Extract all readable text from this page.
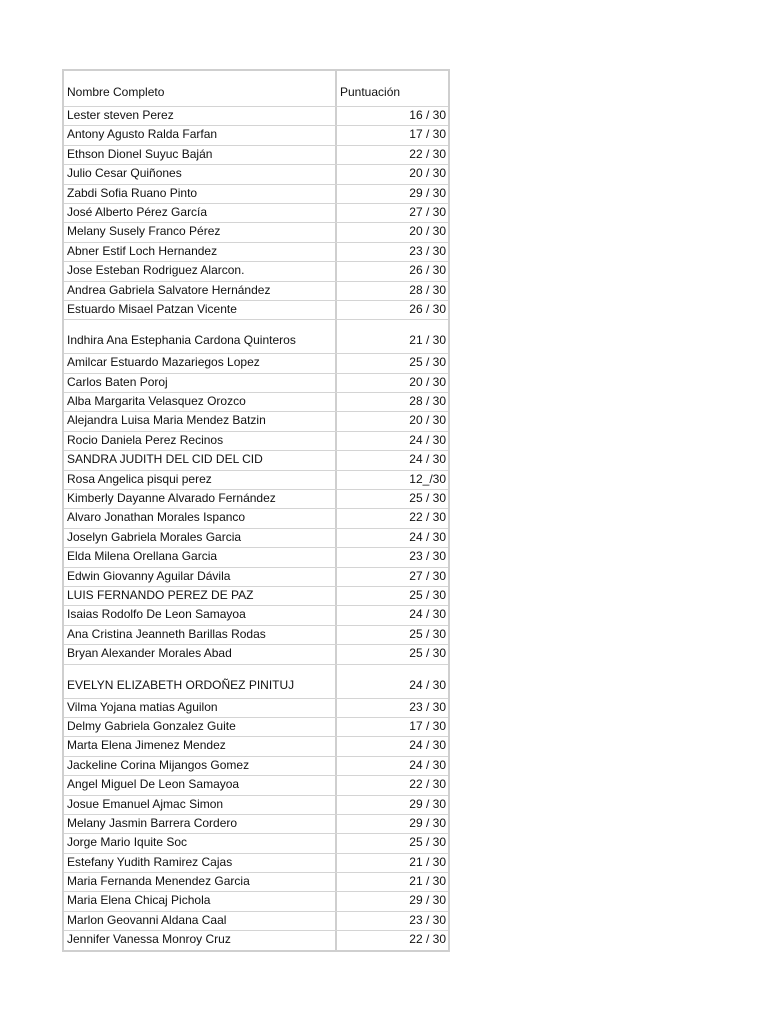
Nombre Completo	Puntuación
Lester steven Perez	16 / 30
Antony Agusto Ralda Farfan	17 / 30
Ethson Dionel Suyuc Baján	22 / 30
Julio Cesar Quiñones	20 / 30
Zabdi Sofia Ruano Pinto	29 / 30
José Alberto Pérez García	27 / 30
Melany Susely Franco Pérez	20 / 30
Abner Estif Loch Hernandez	23 / 30
Jose Esteban Rodriguez Alarcon.	26 / 30
Andrea Gabriela Salvatore Hernández	28 / 30
Estuardo Misael Patzan Vicente	26 / 30
Indhira Ana Estephania Cardona Quinteros	21 / 30
Amilcar Estuardo Mazariegos Lopez	25 / 30
Carlos Baten Poroj	20 / 30
Alba Margarita Velasquez Orozco	28 / 30
Alejandra Luisa Maria Mendez Batzin	20 / 30
Rocio Daniela Perez Recinos	24 / 30
SANDRA JUDITH DEL CID DEL CID	24 / 30
Rosa Angelica pisqui perez	12_/30
Kimberly Dayanne Alvarado Fernández	25 / 30
Alvaro Jonathan Morales Ispanco	22 / 30
Joselyn Gabriela Morales Garcia	24 / 30
Elda Milena Orellana Garcia	23 / 30
Edwin Giovanny Aguilar Dávila	27 / 30
LUIS FERNANDO PEREZ DE PAZ	25 / 30
Isaias Rodolfo De Leon Samayoa	24 / 30
Ana Cristina Jeanneth Barillas Rodas	25 / 30
Bryan Alexander Morales Abad	25 / 30
EVELYN ELIZABETH ORDOÑEZ PINITUJ	24 / 30
Vilma Yojana matias Aguilon	23 / 30
Delmy Gabriela Gonzalez Guite	17 / 30
Marta Elena Jimenez Mendez	24 / 30
Jackeline Corina Mijangos Gomez	24 / 30
Angel Miguel De Leon Samayoa	22 / 30
Josue Emanuel Ajmac Simon	29 / 30
Melany Jasmin Barrera Cordero	29 / 30
Jorge Mario Iquite Soc	25 / 30
Estefany Yudith Ramirez Cajas	21 / 30
Maria Fernanda Menendez Garcia	21 / 30
Maria Elena Chicaj Pichola	29 / 30
Marlon Geovanni Aldana Caal	23 / 30
Jennifer Vanessa Monroy Cruz	22 / 30
